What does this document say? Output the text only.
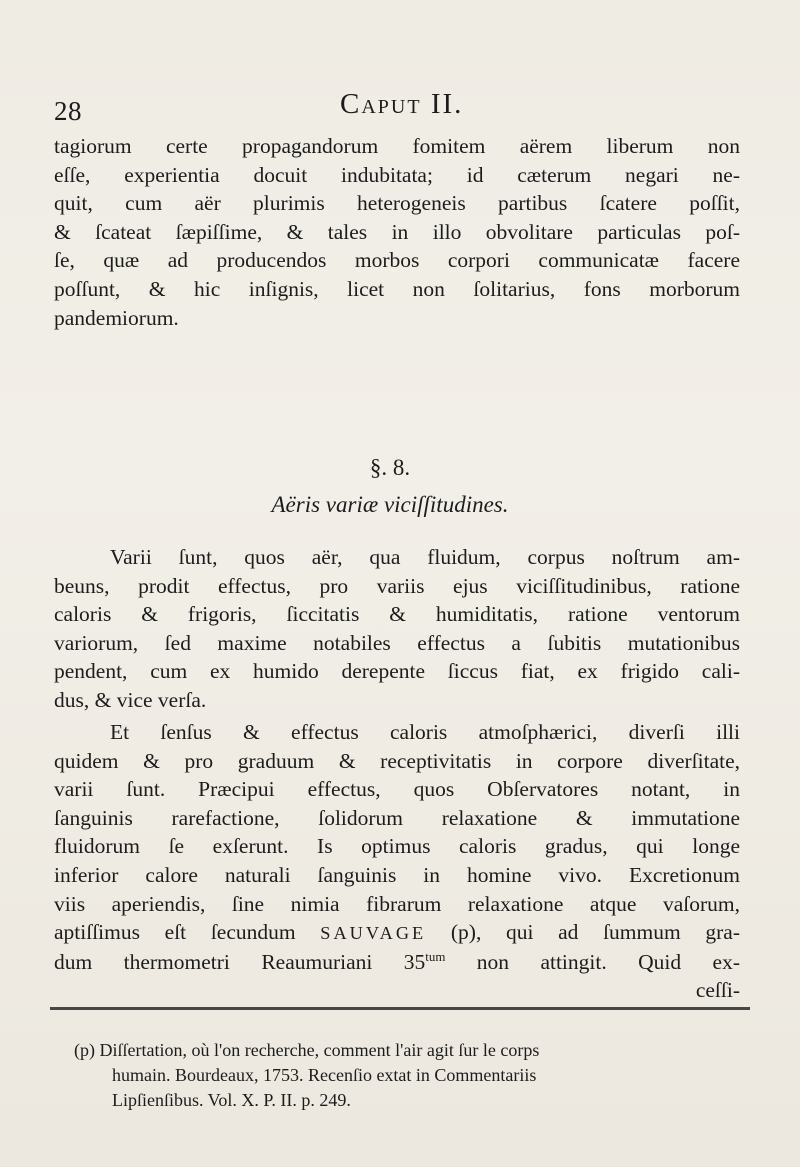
28	Caput II.
tagiorum certe propagandorum fomitem aërem liberum non
eſſe, experientia docuit indubitata; id cæterum negari ne-
quit, cum aër plurimis heterogeneis partibus ſcatere poſſit,
& ſcateat ſæpiſſime, & tales in illo obvolitare particulas poſ-
ſe, quæ ad producendos morbos corpori communicatæ facere
poſſunt, & hic inſignis, licet non ſolitarius, fons morborum
pandemiorum.
§. 8.
Aëris variæ viciſſitudines.
Varii ſunt, quos aër, qua fluidum, corpus noſtrum am-
beuns, prodit effectus, pro variis ejus viciſſitudinibus, ratione
caloris & frigoris, ſiccitatis & humiditatis, ratione ventorum
variorum, ſed maxime notabiles effectus a ſubitis mutationibus
pendent, cum ex humido derepente ſiccus fiat, ex frigido cali-
dus, & vice verſa.
Et ſenſus & effectus caloris atmoſphærici, diverſi illi
quidem & pro graduum & receptivitatis in corpore diverſitate,
varii ſunt. Præcipui effectus, quos Obſervatores notant, in
ſanguinis rarefactione, ſolidorum relaxatione & immutatione
fluidorum ſe exſerunt. Is optimus caloris gradus, qui longe
inferior calore naturali ſanguinis in homine vivo. Excretionum
viis aperiendis, ſine nimia fibrarum relaxatione atque vaſorum,
aptiſſimus eſt ſecundum SAUVAGE (p), qui ad ſummum gra-
dum thermometri Reaumuriani $35^{tum}$ non attingit. Quid ex-
ceſſi-
(p) Diſſertation, où l'on recherche, comment l'air agit ſur le corps
humain. Bourdeaux, 1753. Recenſio extat in Commentariis
Lipſienſibus. Vol. X. P. II. p. 249.
